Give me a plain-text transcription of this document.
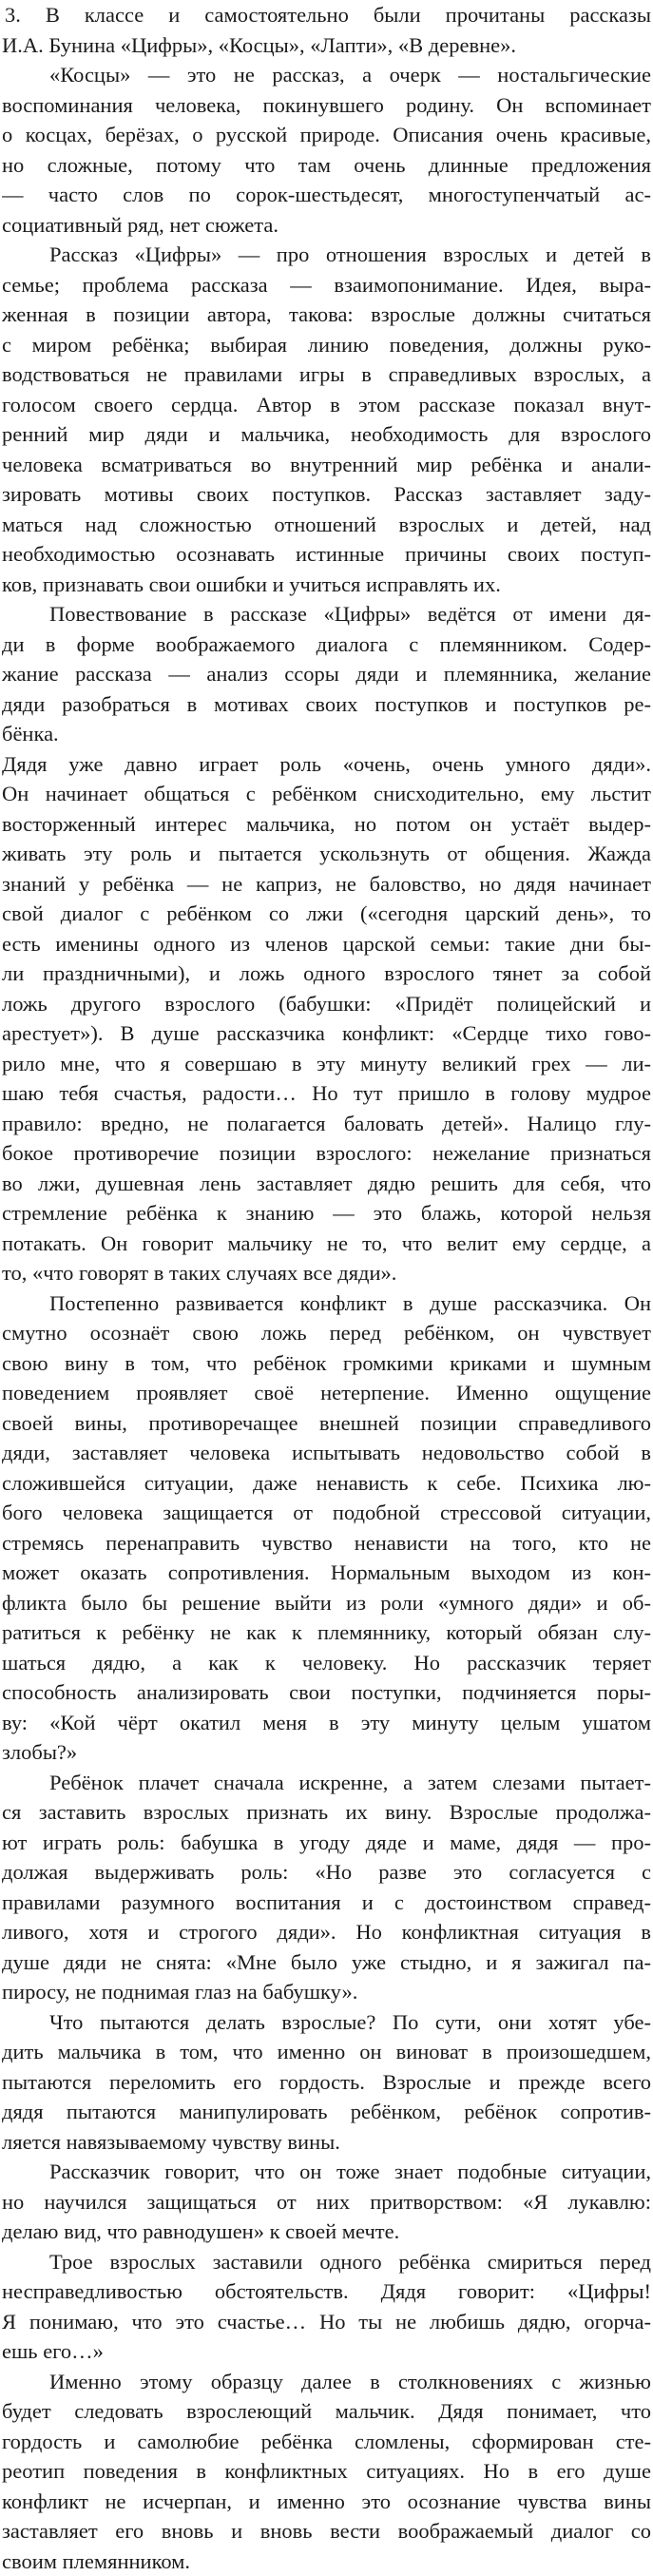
3. В классе и самостоятельно были прочитаны рассказы
И.А. Бунина «Цифры», «Косцы», «Лапти», «В деревне».
«Косцы» — это не рассказ, а очерк — ностальгические
воспоминания человека, покинувшего родину. Он вспоминает
о косцах, берёзах, о русской природе. Описания очень красивые,
но сложные, потому что там очень длинные предложения
— часто слов по сорок-шестьдесят, многоступенчатый ас-
социативный ряд, нет сюжета.
Рассказ «Цифры» — про отношения взрослых и детей в
семье; проблема рассказа — взаимопонимание. Идея, выра-
женная в позиции автора, такова: взрослые должны считаться
с миром ребёнка; выбирая линию поведения, должны руко-
водствоваться не правилами игры в справедливых взрослых, а
голосом своего сердца. Автор в этом рассказе показал внут-
ренний мир дяди и мальчика, необходимость для взрослого
человека всматриваться во внутренний мир ребёнка и анали-
зировать мотивы своих поступков. Рассказ заставляет заду-
маться над сложностью отношений взрослых и детей, над
необходимостью осознавать истинные причины своих поступ-
ков, признавать свои ошибки и учиться исправлять их.
Повествование в рассказе «Цифры» ведётся от имени дя-
ди в форме воображаемого диалога с племянником. Содер-
жание рассказа — анализ ссоры дяди и племянника, желание
дяди разобраться в мотивах своих поступков и поступков ре-
бёнка.
Дядя уже давно играет роль «очень, очень умного дяди».
Он начинает общаться с ребёнком снисходительно, ему льстит
восторженный интерес мальчика, но потом он устаёт выдер-
живать эту роль и пытается ускользнуть от общения. Жажда
знаний у ребёнка — не каприз, не баловство, но дядя начинает
свой диалог с ребёнком со лжи («сегодня царский день», то
есть именины одного из членов царской семьи: такие дни бы-
ли праздничными), и ложь одного взрослого тянет за собой
ложь другого взрослого (бабушки: «Придёт полицейский и
арестует»). В душе рассказчика конфликт: «Сердце тихо гово-
рило мне, что я совершаю в эту минуту великий грех — ли-
шаю тебя счастья, радости… Но тут пришло в голову мудрое
правило: вредно, не полагается баловать детей». Налицо глу-
бокое противоречие позиции взрослого: нежелание признаться
во лжи, душевная лень заставляет дядю решить для себя, что
стремление ребёнка к знанию — это блажь, которой нельзя
потакать. Он говорит мальчику не то, что велит ему сердце, а
то, «что говорят в таких случаях все дяди».
Постепенно развивается конфликт в душе рассказчика. Он
смутно осознаёт свою ложь перед ребёнком, он чувствует
свою вину в том, что ребёнок громкими криками и шумным
поведением проявляет своё нетерпение. Именно ощущение
своей вины, противоречащее внешней позиции справедливого
дяди, заставляет человека испытывать недовольство собой в
сложившейся ситуации, даже ненависть к себе. Психика лю-
бого человека защищается от подобной стрессовой ситуации,
стремясь перенаправить чувство ненависти на того, кто не
может оказать сопротивления. Нормальным выходом из кон-
фликта было бы решение выйти из роли «умного дяди» и об-
ратиться к ребёнку не как к племяннику, который обязан слу-
шаться дядю, а как к человеку. Но рассказчик теряет
способность анализировать свои поступки, подчиняется поры-
ву: «Кой чёрт окатил меня в эту минуту целым ушатом
злобы?»
Ребёнок плачет сначала искренне, а затем слезами пытает-
ся заставить взрослых признать их вину. Взрослые продолжа-
ют играть роль: бабушка в угоду дяде и маме, дядя — про-
должая выдерживать роль: «Но разве это согласуется с
правилами разумного воспитания и с достоинством справед-
ливого, хотя и строгого дяди». Но конфликтная ситуация в
душе дяди не снята: «Мне было уже стыдно, и я зажигал па-
пиросу, не поднимая глаз на бабушку».
Что пытаются делать взрослые? По сути, они хотят убе-
дить мальчика в том, что именно он виноват в произошедшем,
пытаются переломить его гордость. Взрослые и прежде всего
дядя пытаются манипулировать ребёнком, ребёнок сопротив-
ляется навязываемому чувству вины.
Рассказчик говорит, что он тоже знает подобные ситуации,
но научился защищаться от них притворством: «Я лукавлю:
делаю вид, что равнодушен» к своей мечте.
Трое взрослых заставили одного ребёнка смириться перед
несправедливостью обстоятельств. Дядя говорит: «Цифры!
Я понимаю, что это счастье… Но ты не любишь дядю, огорча-
ешь его…»
Именно этому образцу далее в столкновениях с жизнью
будет следовать взрослеющий мальчик. Дядя понимает, что
гордость и самолюбие ребёнка сломлены, сформирован сте-
реотип поведения в конфликтных ситуациях. Но в его душе
конфликт не исчерпан, и именно это осознание чувства вины
заставляет его вновь и вновь вести воображаемый диалог со
своим племянником.
